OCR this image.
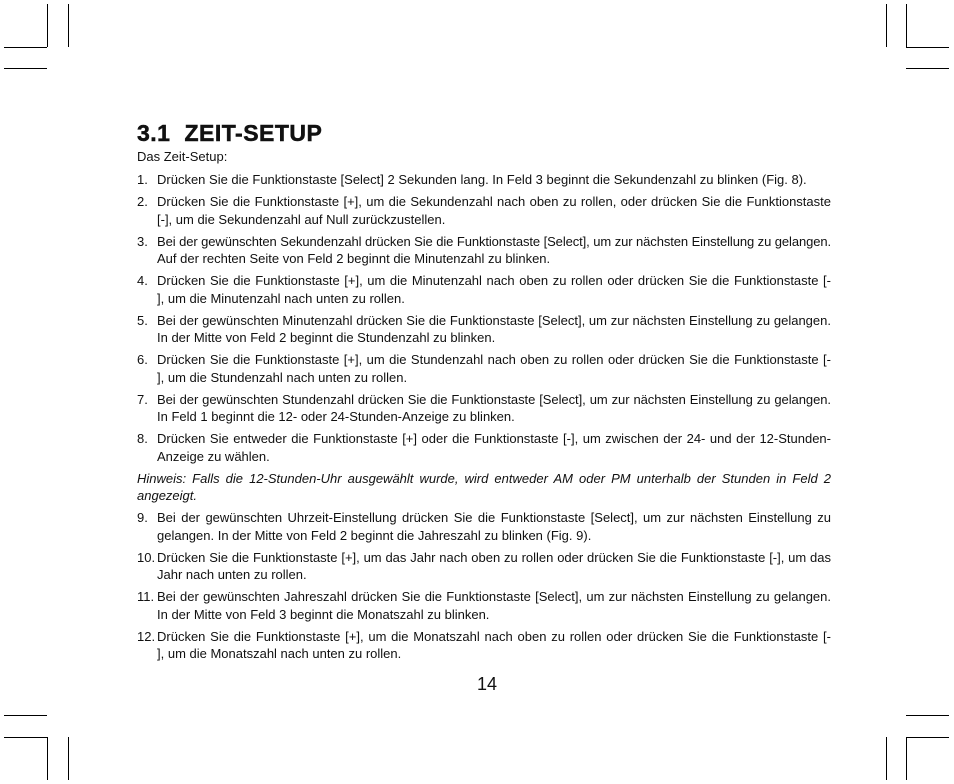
3.1 ZEIT-SETUP
Das Zeit-Setup:
1. Drücken Sie die Funktionstaste [Select] 2 Sekunden lang. In Feld 3 beginnt die Sekundenzahl zu blinken (Fig. 8).
2. Drücken Sie die Funktionstaste [+], um die Sekundenzahl nach oben zu rollen, oder drücken Sie die Funktionstaste
[-], um die Sekundenzahl auf Null zurückzustellen.
3. Bei der gewünschten Sekundenzahl drücken Sie die Funktionstaste [Select], um zur nächsten Einstellung zu gelangen.
Auf der rechten Seite von Feld 2 beginnt die Minutenzahl zu blinken.
4. Drücken Sie die Funktionstaste [+], um die Minutenzahl nach oben zu rollen oder drücken Sie die Funktionstaste [-
], um die Minutenzahl nach unten zu rollen.
5. Bei der gewünschten Minutenzahl drücken Sie die Funktionstaste [Select], um zur nächsten Einstellung zu gelangen.
In der Mitte von Feld 2 beginnt die Stundenzahl zu blinken.
6. Drücken Sie die Funktionstaste [+], um die Stundenzahl nach oben zu rollen oder drücken Sie die Funktionstaste [-
], um die Stundenzahl nach unten zu rollen.
7. Bei der gewünschten Stundenzahl drücken Sie die Funktionstaste [Select], um zur nächsten Einstellung zu gelangen.
In Feld 1 beginnt die 12- oder 24-Stunden-Anzeige zu blinken.
8. Drücken Sie entweder die Funktionstaste [+] oder die Funktionstaste [-], um zwischen der 24- und der 12-Stunden-
Anzeige zu wählen.
Hinweis: Falls die 12-Stunden-Uhr ausgewählt wurde, wird entweder AM oder PM unterhalb der Stunden in Feld 2
angezeigt.
9. Bei der gewünschten Uhrzeit-Einstellung drücken Sie die Funktionstaste [Select], um zur nächsten Einstellung zu
gelangen. In der Mitte von Feld 2 beginnt die Jahreszahl zu blinken (Fig. 9).
10. Drücken Sie die Funktionstaste [+], um das Jahr nach oben zu rollen oder drücken Sie die Funktionstaste [-], um das
Jahr nach unten zu rollen.
11. Bei der gewünschten Jahreszahl drücken Sie die Funktionstaste [Select], um zur nächsten Einstellung zu gelangen.
In der Mitte von Feld 3 beginnt die Monatszahl zu blinken.
12. Drücken Sie die Funktionstaste [+], um die Monatszahl nach oben zu rollen oder drücken Sie die Funktionstaste [-
], um die Monatszahl nach unten zu rollen.
14
